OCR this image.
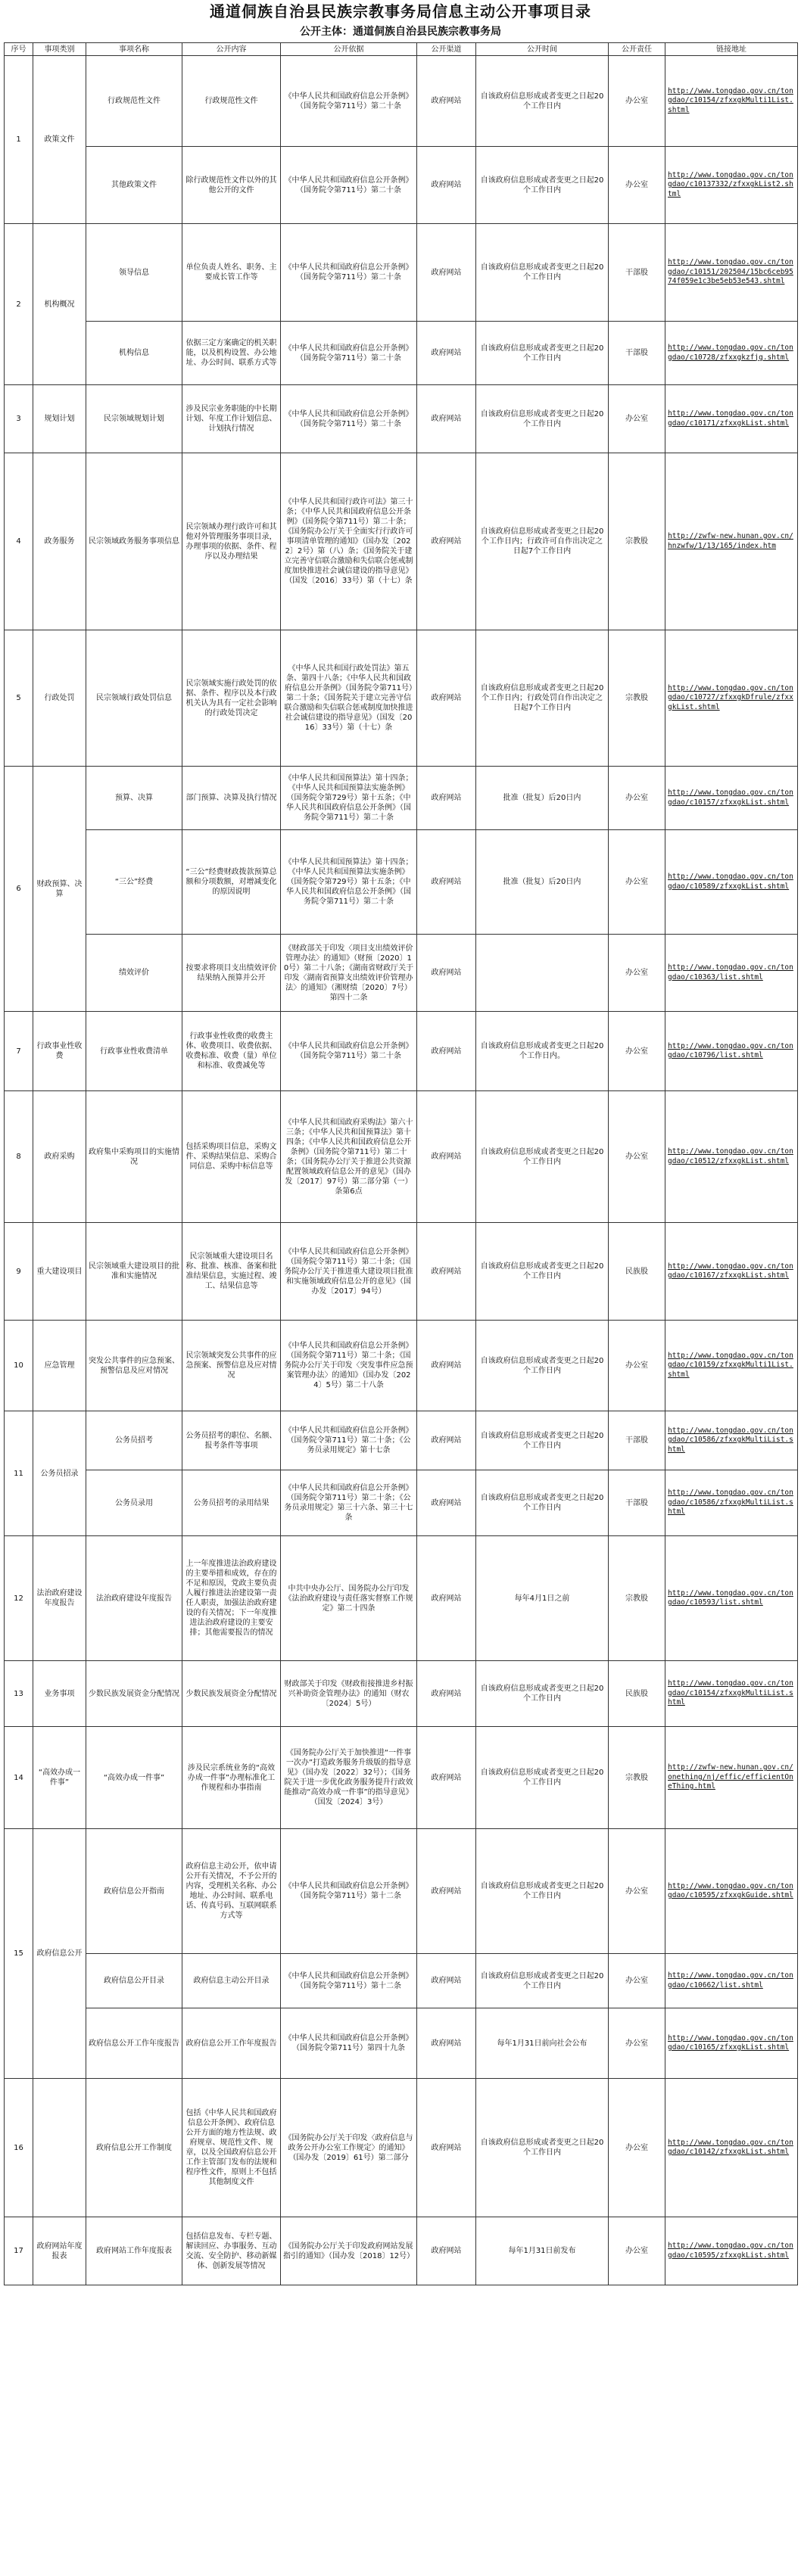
通道侗族自治县民族宗教事务局信息主动公开事项目录
公开主体：通道侗族自治县民族宗教事务局
序号	事项类别	事项名称	公开内容	公开依据	公开渠道	公开时间	公开责任	链接地址
1	政策文件	行政规范性文件	行政规范性文件	《中华人民共和国政府信息公开条例》（国务院令第711号）第二十条	政府网站	自该政府信息形成或者变更之日起20个工作日内	办公室	http://www.tongdao.gov.cn/tongdao/c10154/zfxxgkMulti1List.shtml
		其他政策文件	除行政规范性文件以外的其他公开的文件	《中华人民共和国政府信息公开条例》（国务院令第711号）第二十条	政府网站	自该政府信息形成或者变更之日起20个工作日内	办公室	http://www.tongdao.gov.cn/tongdao/c10137332/zfxxgkList2.shtml
2	机构概况	领导信息	单位负责人姓名、职务、主要成长管工作等	《中华人民共和国政府信息公开条例》（国务院令第711号）第二十条	政府网站	自该政府信息形成或者变更之日起20个工作日内	干部股	http://www.tongdao.gov.cn/tongdao/c10151/202504/15bc6ceb9574f059e1c3be5eb53e543.shtml
		机构信息	依据三定方案确定的机关职能，以及机构设置、办公地址、办公时间、联系方式等	《中华人民共和国政府信息公开条例》（国务院令第711号）第二十条	政府网站	自该政府信息形成或者变更之日起20个工作日内	干部股	http://www.tongdao.gov.cn/tongdao/c10728/zfxxgkzfjg.shtml
3	规划计划	民宗领域规划计划	涉及民宗业务职能的中长期计划、年度工作计划信息、计划执行情况	《中华人民共和国政府信息公开条例》（国务院令第711号）第二十条	政府网站	自该政府信息形成或者变更之日起20个工作日内	办公室	http://www.tongdao.gov.cn/tongdao/c10171/zfxxgkList.shtml
4	政务服务	民宗领域政务服务事项信息	民宗领域办理行政许可和其他对外管理服务事项目录，办理事项的依据、条件、程序以及办理结果	《中华人民共和国行政许可法》第三十条；《中华人民共和国政府信息公开条例》（国务院令第711号）第二十条；《国务院办公厅关于全面实行行政许可事项清单管理的通知》（国办发〔2022〕2号）第（八）条；《国务院关于建立完善守信联合激励和失信联合惩戒制度加快推进社会诚信建设的指导意见》（国发〔2016〕33号）第（十七）条	政府网站	自该政府信息形成或者变更之日起20个工作日内；行政许可自作出决定之日起7个工作日内	宗教股	http://zwfw-new.hunan.gov.cn/hnzwfw/1/13/165/index.htm
5	行政处罚	民宗领域行政处罚信息	民宗领域实施行政处罚的依据、条件、程序以及本行政机关认为具有一定社会影响的行政处罚决定	《中华人民共和国行政处罚法》第五条、第四十八条；《中华人民共和国政府信息公开条例》（国务院令第711号）第二十条；《国务院关于建立完善守信联合激励和失信联合惩戒制度加快推进社会诚信建设的指导意见》（国发〔2016〕33号）第（十七）条	政府网站	自该政府信息形成或者变更之日起20个工作日内；行政处罚自作出决定之日起7个工作日内	宗教股	http://www.tongdao.gov.cn/tongdao/c10727/zfxxgkDfrule/zfxxgkList.shtml
6	财政预算、决算	预算、决算	部门预算、决算及执行情况	《中华人民共和国预算法》第十四条；《中华人民共和国预算法实施条例》（国务院令第729号）第十五条；《中华人民共和国政府信息公开条例》（国务院令第711号）第二十条	政府网站	批准（批复）后20日内	办公室	http://www.tongdao.gov.cn/tongdao/c10157/zfxxgkList.shtml
		“三公”经费	“三公”经费财政拨款预算总额和分项数额，对增减变化的原因说明	《中华人民共和国预算法》第十四条；《中华人民共和国预算法实施条例》（国务院令第729号）第十五条；《中华人民共和国政府信息公开条例》（国务院令第711号）第二十条	政府网站	批准（批复）后20日内	办公室	http://www.tongdao.gov.cn/tongdao/c10589/zfxxgkList.shtml
		绩效评价	按要求将项目支出绩效评价结果纳入预算并公开	《财政部关于印发〈项目支出绩效评价管理办法〉的通知》（财预〔2020〕10号）第二十八条；《湖南省财政厅关于印发〈湖南省预算支出绩效评价管理办法〉的通知》（湘财绩〔2020〕7号）第四十二条	政府网站		办公室	http://www.tongdao.gov.cn/tongdao/c10363/list.shtml
7	行政事业性收费	行政事业性收费清单	行政事业性收费的收费主体、收费项目、收费依据、收费标准、收费（量）单位和标准、收费减免等	《中华人民共和国政府信息公开条例》（国务院令第711号）第二十条	政府网站	自该政府信息形成或者变更之日起20个工作日内。	办公室	http://www.tongdao.gov.cn/tongdao/c10796/list.shtml
8	政府采购	政府集中采购项目的实施情况	包括采购项目信息，采购文件、采购结果信息、采购合同信息、采购中标信息等	《中华人民共和国政府采购法》第六十三条；《中华人民共和国预算法》第十四条；《中华人民共和国政府信息公开条例》（国务院令第711号）第二十条；《国务院办公厅关于推进公共资源配置领域政府信息公开的意见》（国办发〔2017〕97号）第二部分第（一）条第6点	政府网站	自该政府信息形成或者变更之日起20个工作日内	办公室	http://www.tongdao.gov.cn/tongdao/c10512/zfxxgkList.shtml
9	重大建设项目	民宗领域重大建设项目的批准和实施情况	民宗领域重大建设项目名称、批准、核准、备案和批准结果信息，实施过程、竣工、结果信息等	《中华人民共和国政府信息公开条例》（国务院令第711号）第二十条；《国务院办公厅关于推进重大建设项目批准和实施领域政府信息公开的意见》（国办发〔2017〕94号）	政府网站	自该政府信息形成或者变更之日起20个工作日内	民族股	http://www.tongdao.gov.cn/tongdao/c10167/zfxxgkList.shtml
10	应急管理	突发公共事件的应急预案、预警信息及应对情况	民宗领域突发公共事件的应急预案、预警信息及应对情况	《中华人民共和国政府信息公开条例》（国务院令第711号）第二十条；《国务院办公厅关于印发〈突发事件应急预案管理办法〉的通知》（国办发〔2024〕5号）第二十八条	政府网站	自该政府信息形成或者变更之日起20个工作日内	办公室	http://www.tongdao.gov.cn/tongdao/c10159/zfxxgkMulti1List.shtml
11	公务员招录	公务员招考	公务员招考的职位、名额、报考条件等事项	《中华人民共和国政府信息公开条例》（国务院令第711号）第二十条；《公务员录用规定》第十七条	政府网站	自该政府信息形成或者变更之日起20个工作日内	干部股	http://www.tongdao.gov.cn/tongdao/c10586/zfxxgkMultiList.shtml
		公务员录用	公务员招考的录用结果	《中华人民共和国政府信息公开条例》（国务院令第711号）第二十条；《公务员录用规定》第三十六条、第三十七条	政府网站	自该政府信息形成或者变更之日起20个工作日内	干部股	http://www.tongdao.gov.cn/tongdao/c10586/zfxxgkMultiList.shtml
12	法治政府建设年度报告	法治政府建设年度报告	上一年度推进法治政府建设的主要举措和成效，存在的不足和原因，党政主要负责人履行推进法治建设第一责任人职责，加强法治政府建设的有关情况；下一年度推进法治政府建设的主要安排；其他需要报告的情况	中共中央办公厅、国务院办公厅印发《法治政府建设与责任落实督察工作规定》第二十四条	政府网站	每年4月1日之前	宗教股	http://www.tongdao.gov.cn/tongdao/c10593/list.shtml
13	业务事项	少数民族发展资金分配情况	少数民族发展资金分配情况	财政部关于印发《财政衔接推进乡村振兴补助资金管理办法》的通知（财农〔2024〕5号）	政府网站	自该政府信息形成或者变更之日起20个工作日内	民族股	http://www.tongdao.gov.cn/tongdao/c10154/zfxxgkMultiList.shtml
14	“高效办成一件事”	“高效办成一件事”	涉及民宗系统业务的“高效办成一件事”办理标准化工作规程和办事指南	《国务院办公厅关于加快推进“一件事一次办”打造政务服务升级版的指导意见》（国办发〔2022〕32号）；《国务院关于进一步优化政务服务提升行政效能推动“高效办成一件事”的指导意见》（国发〔2024〕3号）	政府网站	自该政府信息形成或者变更之日起20个工作日内	宗教股	http://zwfw-new.hunan.gov.cn/onething/nj/effic/efficientOneThing.html
15	政府信息公开	政府信息公开指南	政府信息主动公开，依申请公开有关情况，不予公开的内容，受理机关名称、办公地址、办公时间、联系电话、传真号码、互联网联系方式等	《中华人民共和国政府信息公开条例》（国务院令第711号）第十二条	政府网站	自该政府信息形成或者变更之日起20个工作日内	办公室	http://www.tongdao.gov.cn/tongdao/c10595/zfxxgkGuide.shtml
		政府信息公开目录	政府信息主动公开目录	《中华人民共和国政府信息公开条例》（国务院令第711号）第十二条	政府网站	自该政府信息形成或者变更之日起20个工作日内	办公室	http://www.tongdao.gov.cn/tongdao/c10662/list.shtml
		政府信息公开工作年度报告	政府信息公开工作年度报告	《中华人民共和国政府信息公开条例》（国务院令第711号）第四十九条	政府网站	每年1月31日前向社会公布	办公室	http://www.tongdao.gov.cn/tongdao/c10165/zfxxgkList.shtml
16		政府信息公开工作制度	包括《中华人民共和国政府信息公开条例》、政府信息公开方面的地方性法规、政府规章、规范性文件、规章，以及全国政府信息公开工作主管部门发布的法规和程序性文件，原则上不包括其他制度文件	《国务院办公厅关于印发〈政府信息与政务公开办公室工作规定〉的通知》（国办发〔2019〕61号）第二部分	政府网站	自该政府信息形成或者变更之日起20个工作日内	办公室	http://www.tongdao.gov.cn/tongdao/c10142/zfxxgkList.shtml
17	政府网站年度报表	政府网站工作年度报表	包括信息发布、专栏专题、解读回应、办事服务、互动交流、安全防护、移动新媒体、创新发展等情况	《国务院办公厅关于印发政府网站发展指引的通知》（国办发〔2018〕12号）	政府网站	每年1月31日前发布	办公室	http://www.tongdao.gov.cn/tongdao/c10595/zfxxgkList.shtml
